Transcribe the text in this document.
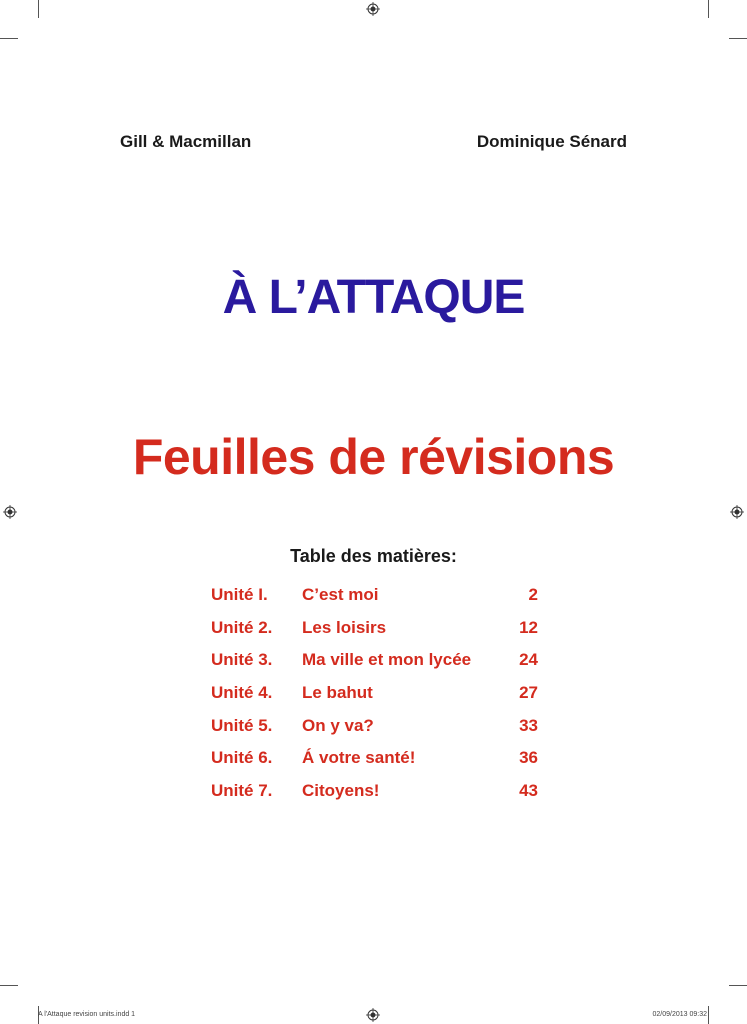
Gill & Macmillan	Dominique Sénard
À L’ATTAQUE
Feuilles de révisions
Table des matières:
Unité I. C’est moi	2
Unité 2. Les loisirs	12
Unité 3. Ma ville et mon lycée	24
Unité 4. Le bahut	27
Unité 5. On y va?	33
Unité 6. Á votre santé!	36
Unité 7. Citoyens!	43
A l'Attaque revision units.indd 1	02/09/2013 09:32
